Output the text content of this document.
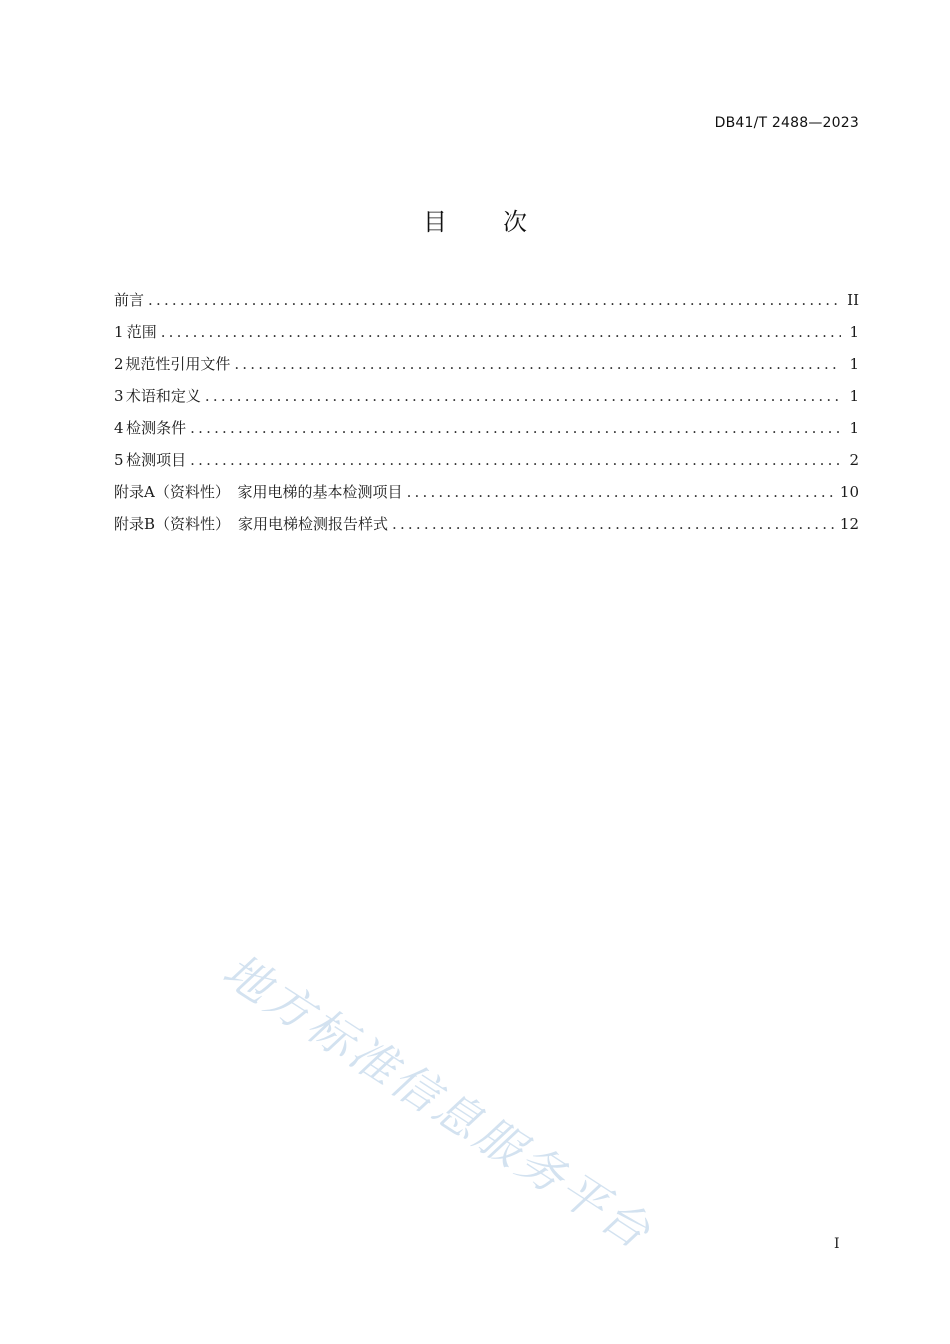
DB41/T 2488—2023
目次
前言 .....	II
1 范围 .....	1
2 规范性引用文件 .....	1
3 术语和定义 .....	1
4 检测条件 .....	1
5 检测项目 .....	2
附录A（资料性） 家用电梯的基本检测项目 .....	10
附录B（资料性） 家用电梯检测报告样式 .....	12
地方标准信息服务平台	I
